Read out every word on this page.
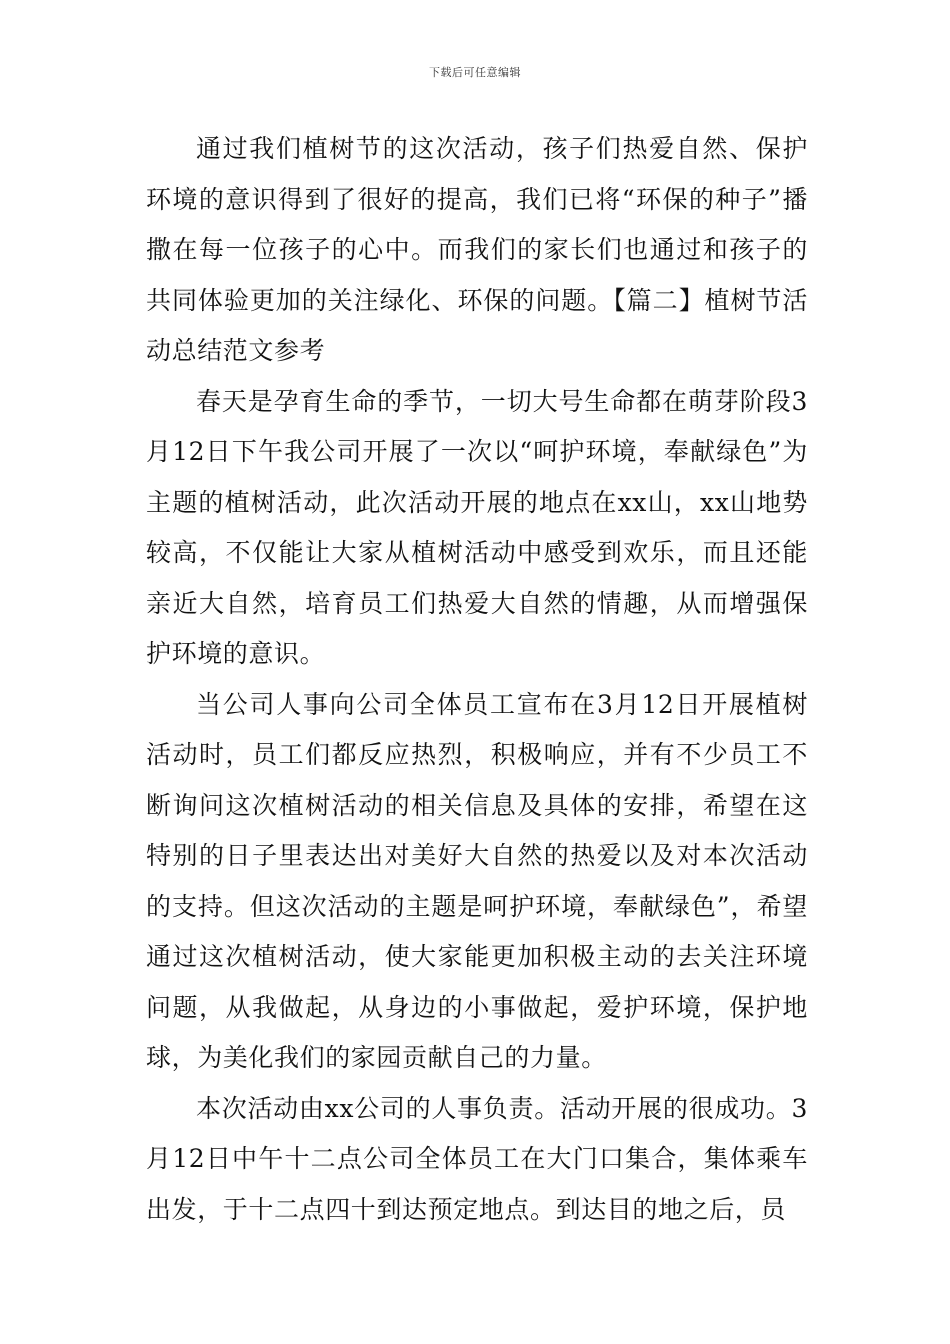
下载后可任意编辑

通过我们植树节的这次活动，孩子们热爱自然、保护环境的意识得到了很好的提高，我们已将“环保的种子”播撒在每一位孩子的心中。而我们的家长们也通过和孩子的共同体验更加的关注绿化、环保的问题。【篇二】植树节活动总结范文参考

春天是孕育生命的季节，一切大号生命都在萌芽阶段3月12日下午我公司开展了一次以“呵护环境，奉献绿色”为主题的植树活动，此次活动开展的地点在xx山，xx山地势较高，不仅能让大家从植树活动中感受到欢乐，而且还能亲近大自然，培育员工们热爱大自然的情趣，从而增强保护环境的意识。

当公司人事向公司全体员工宣布在3月12日开展植树活动时，员工们都反应热烈，积极响应，并有不少员工不断询问这次植树活动的相关信息及具体的安排，希望在这特别的日子里表达出对美好大自然的热爱以及对本次活动的支持。但这次活动的主题是呵护环境，奉献绿色”，希望通过这次植树活动，使大家能更加积极主动的去关注环境问题，从我做起，从身边的小事做起，爱护环境，保护地球，为美化我们的家园贡献自己的力量。

本次活动由xx公司的人事负责。活动开展的很成功。3月12日中午十二点公司全体员工在大门口集合，集体乘车出发，于十二点四十到达预定地点。到达目的地之后，员
